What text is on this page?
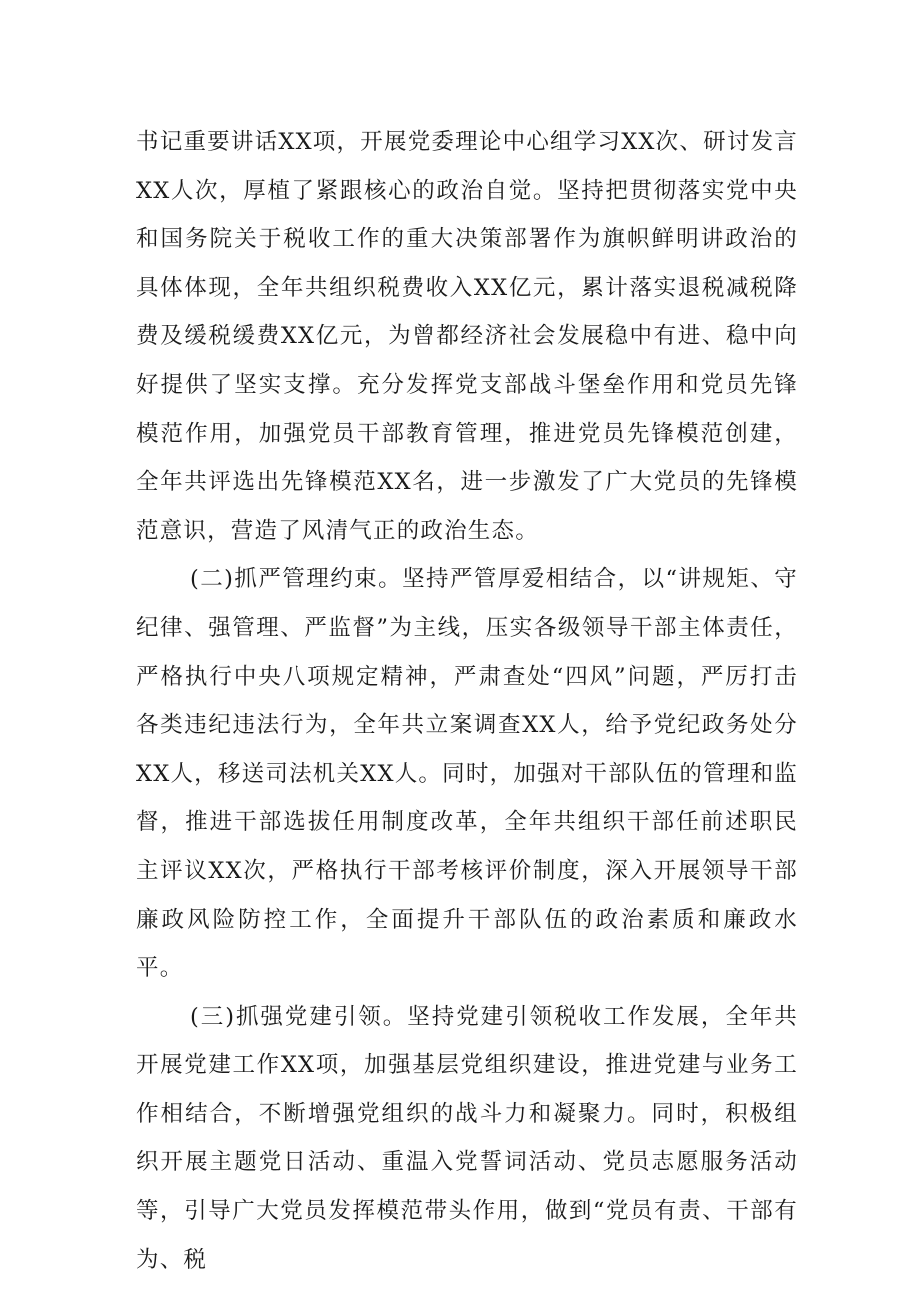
书记重要讲话XX项，开展党委理论中心组学习XX次、研讨发言XX人次，厚植了紧跟核心的政治自觉。坚持把贯彻落实党中央和国务院关于税收工作的重大决策部署作为旗帜鲜明讲政治的具体体现，全年共组织税费收入XX亿元，累计落实退税减税降费及缓税缓费XX亿元，为曾都经济社会发展稳中有进、稳中向好提供了坚实支撑。充分发挥党支部战斗堡垒作用和党员先锋模范作用，加强党员干部教育管理，推进党员先锋模范创建，全年共评选出先锋模范XX名，进一步激发了广大党员的先锋模范意识，营造了风清气正的政治生态。

(二)抓严管理约束。坚持严管厚爱相结合，以“讲规矩、守纪律、强管理、严监督”为主线，压实各级领导干部主体责任，严格执行中央八项规定精神，严肃查处“四风”问题，严厉打击各类违纪违法行为，全年共立案调查XX人，给予党纪政务处分XX人，移送司法机关XX人。同时，加强对干部队伍的管理和监督，推进干部选拔任用制度改革，全年共组织干部任前述职民主评议XX次，严格执行干部考核评价制度，深入开展领导干部廉政风险防控工作，全面提升干部队伍的政治素质和廉政水平。

(三)抓强党建引领。坚持党建引领税收工作发展，全年共开展党建工作XX项，加强基层党组织建设，推进党建与业务工作相结合，不断增强党组织的战斗力和凝聚力。同时，积极组织开展主题党日活动、重温入党誓词活动、党员志愿服务活动等，引导广大党员发挥模范带头作用，做到“党员有责、干部有为、税
